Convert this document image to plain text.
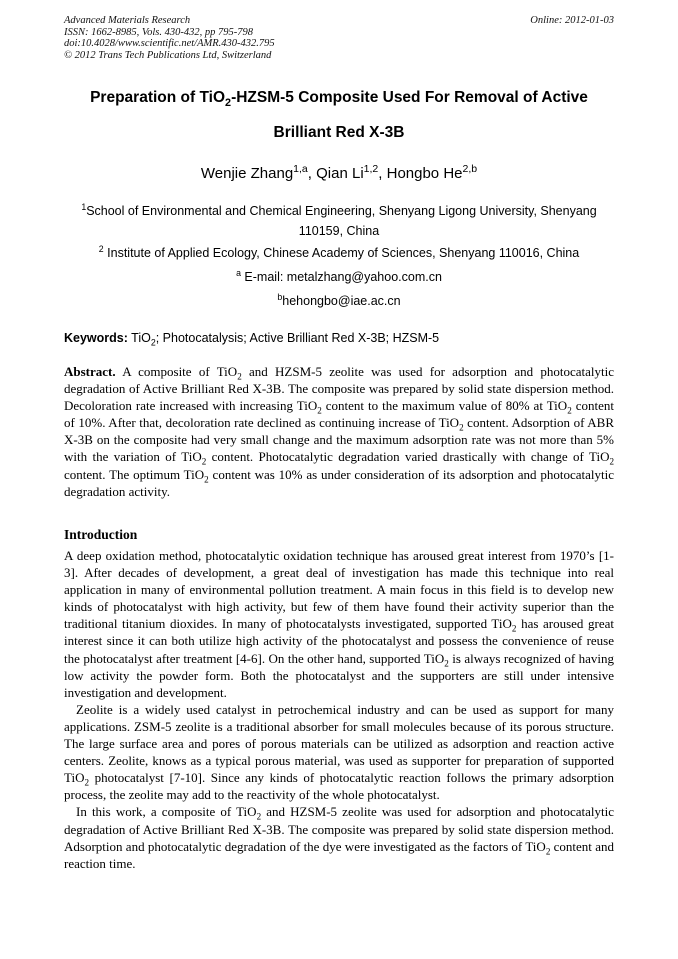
Advanced Materials Research
ISSN: 1662-8985, Vols. 430-432, pp 795-798
doi:10.4028/www.scientific.net/AMR.430-432.795
© 2012 Trans Tech Publications Ltd, Switzerland
Online: 2012-01-03
Preparation of TiO$_2$-HZSM-5 Composite Used For Removal of Active
Brilliant Red X-3B
Wenjie Zhang$^{1,a}$, Qian Li$^{1,2}$, Hongbo He$^{2,b}$
$^1$School of Environmental and Chemical Engineering, Shenyang Ligong University, Shenyang 110159, China
$^2$ Institute of Applied Ecology, Chinese Academy of Sciences, Shenyang 110016, China
$^a$ E-mail: metalzhang@yahoo.com.cn
$^b$hehongbo@iae.ac.cn
Keywords: TiO$_2$; Photocatalysis; Active Brilliant Red X-3B; HZSM-5
Abstract. A composite of TiO$_2$ and HZSM-5 zeolite was used for adsorption and photocatalytic degradation of Active Brilliant Red X-3B. The composite was prepared by solid state dispersion method. Decoloration rate increased with increasing TiO$_2$ content to the maximum value of 80% at TiO$_2$ content of 10%. After that, decoloration rate declined as continuing increase of TiO$_2$ content. Adsorption of ABR X-3B on the composite had very small change and the maximum adsorption rate was not more than 5% with the variation of TiO$_2$ content. Photocatalytic degradation varied drastically with change of TiO$_2$ content. The optimum TiO$_2$ content was 10% as under consideration of its adsorption and photocatalytic degradation activity.
Introduction

A deep oxidation method, photocatalytic oxidation technique has aroused great interest from 1970’s [1-3]. After decades of development, a great deal of investigation has made this technique into real application in many of environmental pollution treatment. A main focus in this field is to develop new kinds of photocatalyst with high activity, but few of them have found their activity superior than the traditional titanium dioxides. In many of photocatalysts investigated, supported TiO$_2$ has aroused great interest since it can both utilize high activity of the photocatalyst and possess the convenience of reuse the photocatalyst after treatment [4-6]. On the other hand, supported TiO$_2$ is always recognized of having low activity the powder form. Both the photocatalyst and the supporters are still under intensive investigation and development.

Zeolite is a widely used catalyst in petrochemical industry and can be used as support for many applications. ZSM-5 zeolite is a traditional absorber for small molecules because of its porous structure. The large surface area and pores of porous materials can be utilized as adsorption and reaction active centers. Zeolite, knows as a typical porous material, was used as supporter for preparation of supported TiO$_2$ photocatalyst [7-10]. Since any kinds of photocatalytic reaction follows the primary adsorption process, the zeolite may add to the reactivity of the whole photocatalyst.

In this work, a composite of TiO$_2$ and HZSM-5 zeolite was used for adsorption and photocatalytic degradation of Active Brilliant Red X-3B. The composite was prepared by solid state dispersion method. Adsorption and photocatalytic degradation of the dye were investigated as the factors of TiO$_2$ content and reaction time.
